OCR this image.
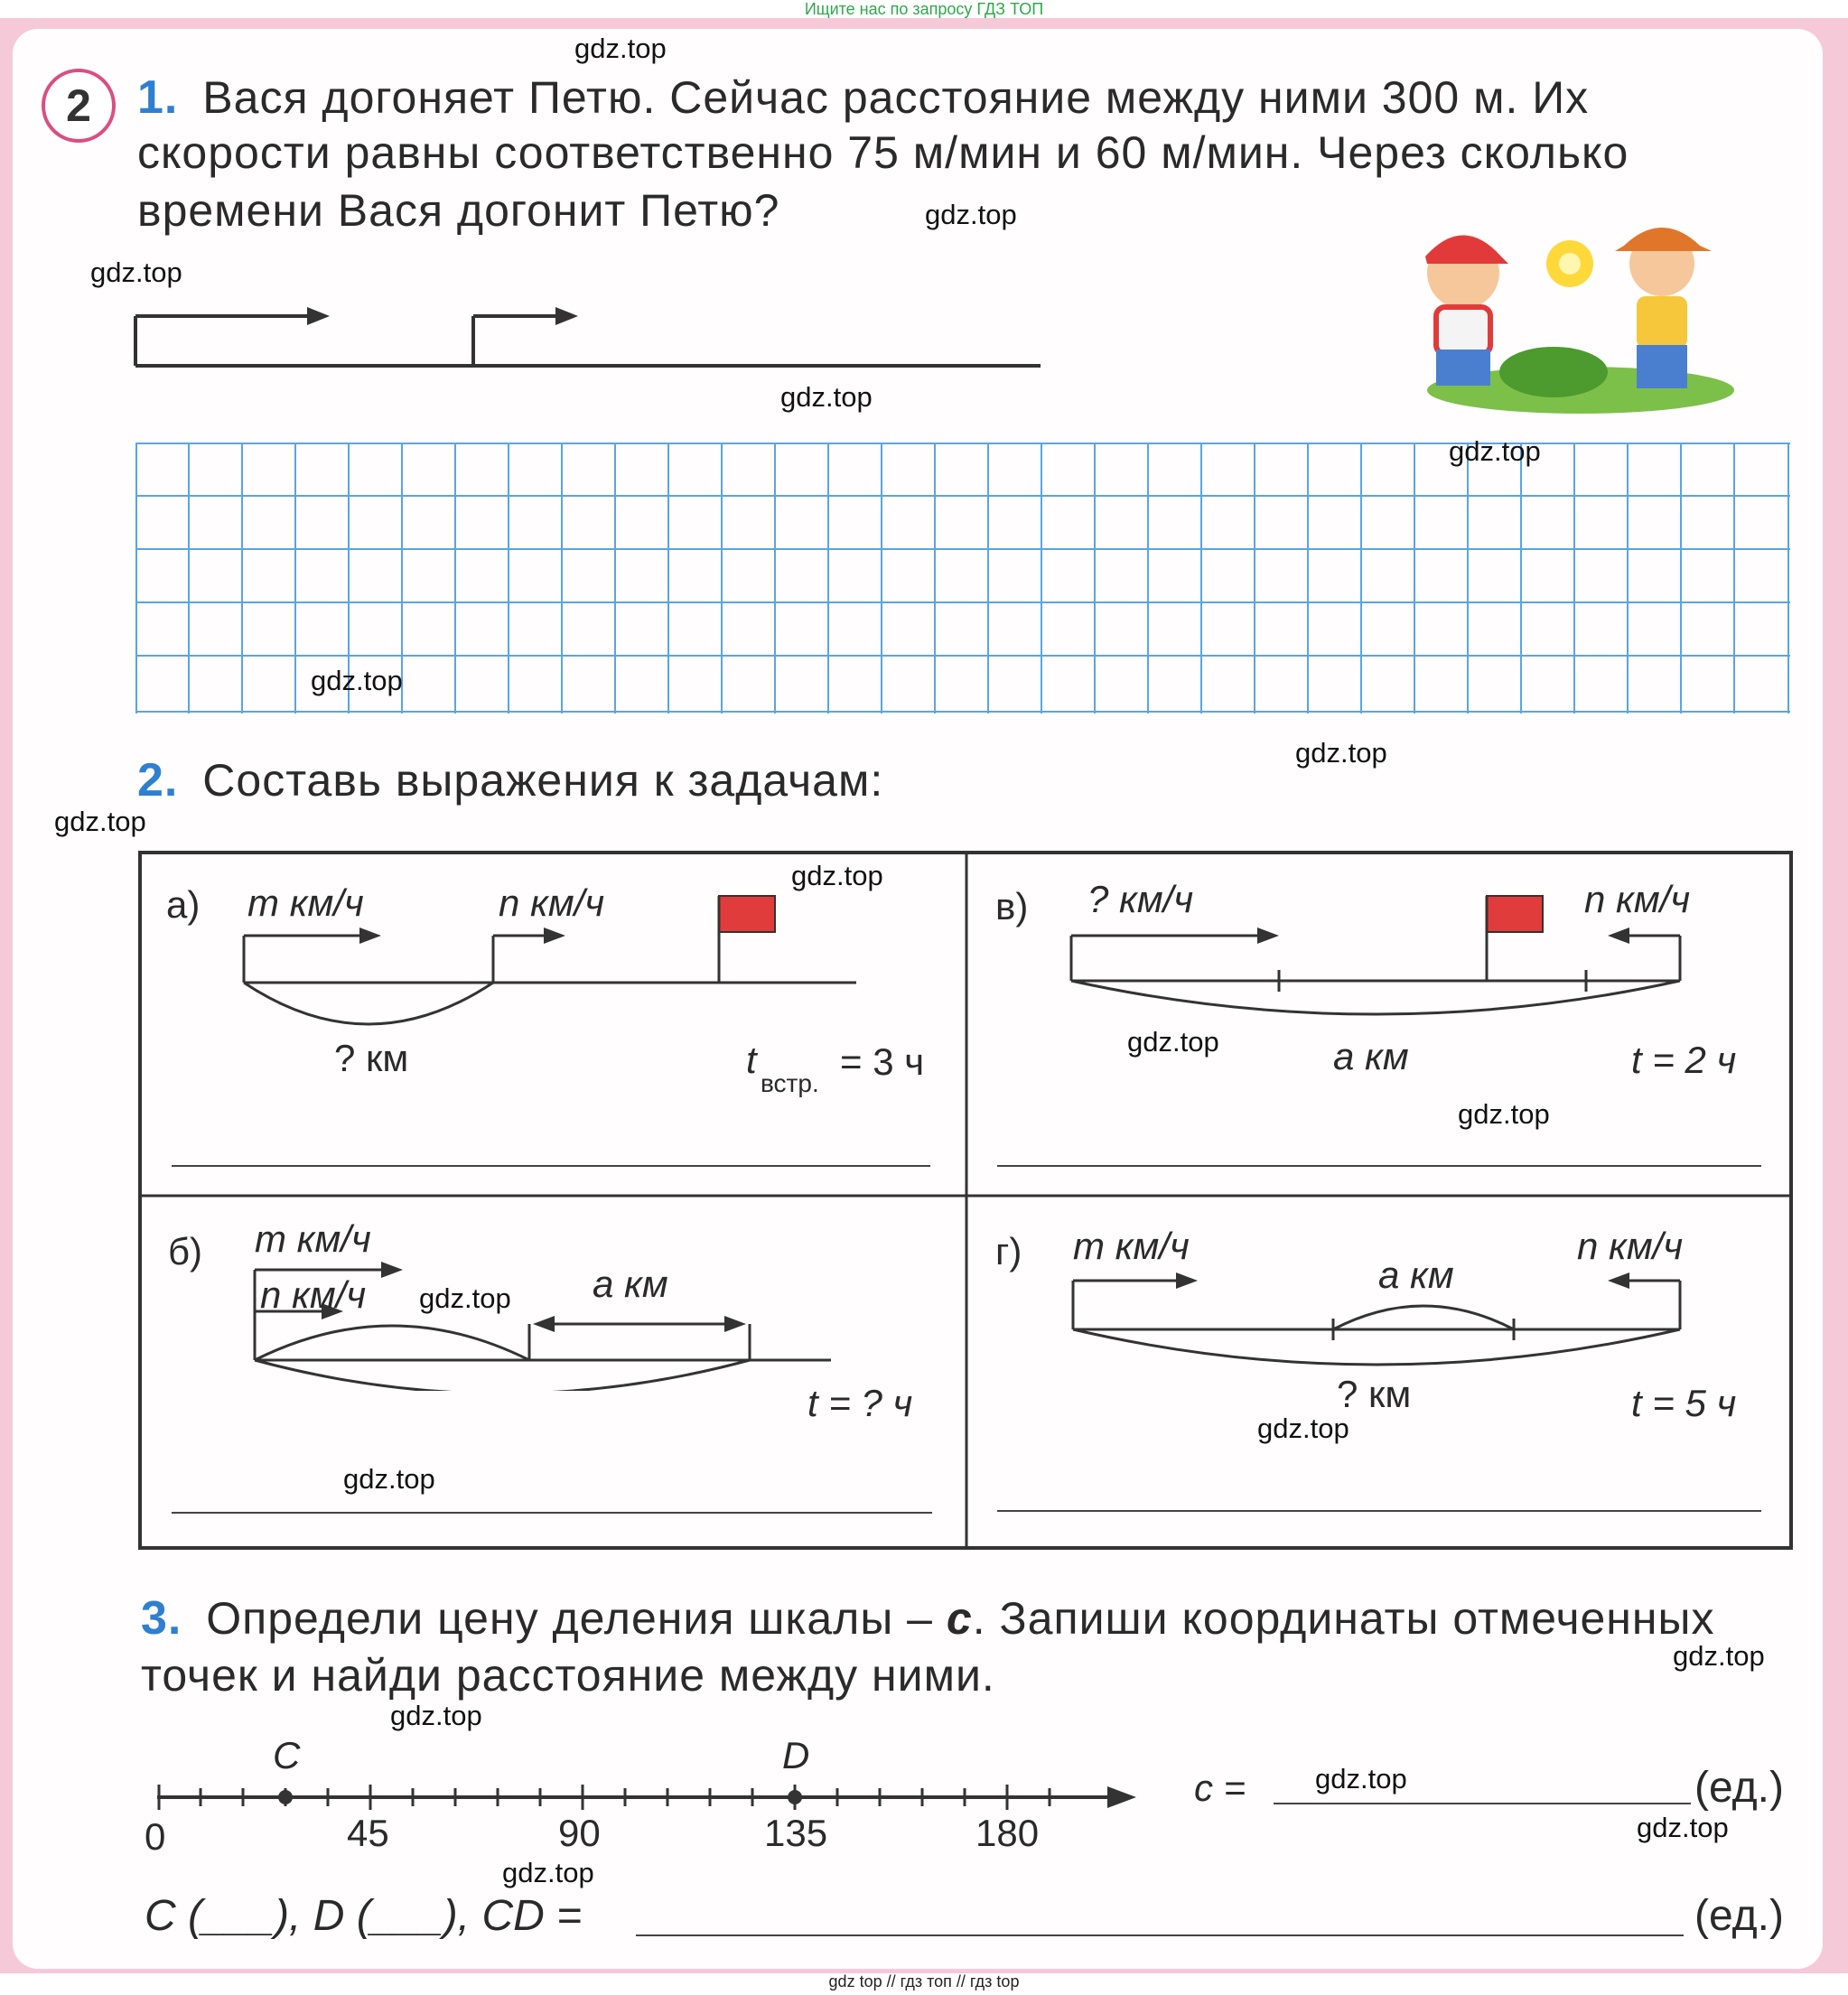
Ищите нас по запросу ГДЗ ТОП
2 1. Вася догоняет Петю. Сейчас расстояние между ними 300 м. Их
скорости равны соответственно 75 м/мин и 60 м/мин. Через сколько
времени Вася догонит Петю?
2. Составь выражения к задачам:
а) m км/ч	n км/ч
? км	t
встр.
= 3 ч
в) ? км/ч	n км/ч
a км	t = 2 ч
б) m км/ч
n км/ч	a км
t = ? ч
г) m км/ч	n км/ч
a км
? км	t = 5 ч
3. Определи цену деления шкалы – c. Запиши координаты отмеченных
точек и найди расстояние между ними.
C	D
0	45	90	135	180
c =	(ед.)
C (___), D (___), CD =	(ед.)
gdz.top
gdz.top
gdz.top
gdz.top
gdz.top
gdz.top
gdz.top
gdz.top
gdz.top
gdz.top
gdz.top
gdz.top
gdz.top
gdz.top
gdz.top
gdz.top
gdz.top
gdz.top
gdz.top
gdz top // гдз топ // гдз top
